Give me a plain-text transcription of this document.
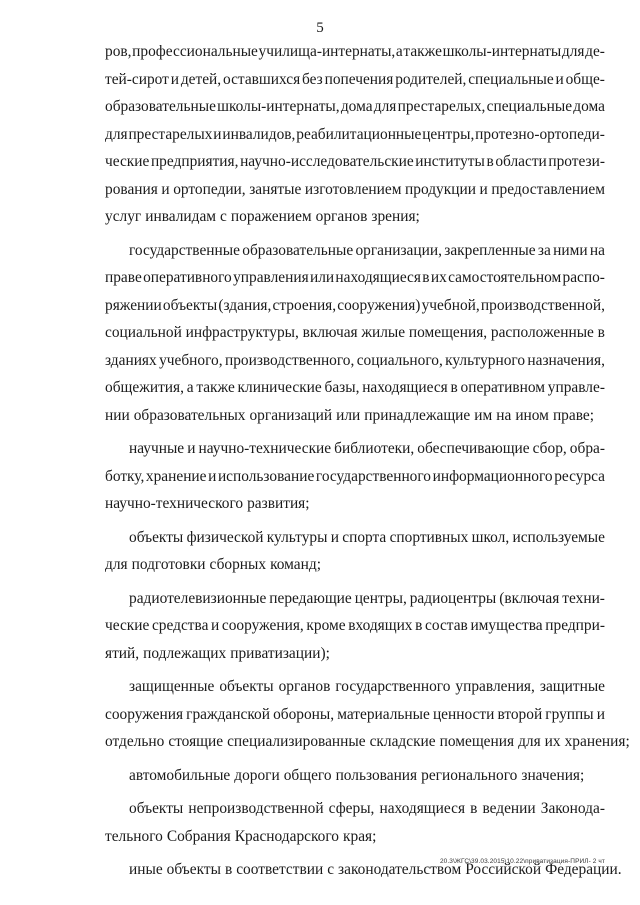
5
ров, профессиональные училища-интернаты, а также школы-интернаты для де-
тей-сирот и детей, оставшихся без попечения родителей, специальные и обще-
образовательные школы-интернаты, дома для престарелых, специальные дома
для престарелых и инвалидов, реабилитационные центры, протезно-ортопеди-
ческие предприятия, научно-исследовательские институты в области протези-
рования и ортопедии, занятые изготовлением продукции и предоставлением
услуг инвалидам с поражением органов зрения;
государственные образовательные организации, закрепленные за ними на
праве оперативного управления или находящиеся в их самостоятельном распо-
ряжении объекты (здания, строения, сооружения) учебной, производственной,
социальной инфраструктуры, включая жилые помещения, расположенные в
зданиях учебного, производственного, социального, культурного назначения,
общежития, а также клинические базы, находящиеся в оперативном управле-
нии образовательных организаций или принадлежащие им на ином праве;
научные и научно-технические библиотеки, обеспечивающие сбор, обра-
ботку, хранение и использование государственного информационного ресурса
научно-технического развития;
объекты физической культуры и спорта спортивных школ, используемые
для подготовки сборных команд;
радиотелевизионные передающие центры, радиоцентры (включая техни-
ческие средства и сооружения, кроме входящих в состав имущества предпри-
ятий, подлежащих приватизации);
защищенные объекты органов государственного управления, защитные
сооружения гражданской обороны, материальные ценности второй группы и
отдельно стоящие специализированные складские помещения для их хранения;
автомобильные дороги общего пользования регионального значения;
объекты непроизводственной сферы, находящиеся в ведении Законода-
тельного Собрания Краснодарского края;
иные объекты в соответствии с законодательством Российской Федерации.
20.3\ЖГС\39.03.2015\10.22\приватизация-ПРИЛ- 2 чт
